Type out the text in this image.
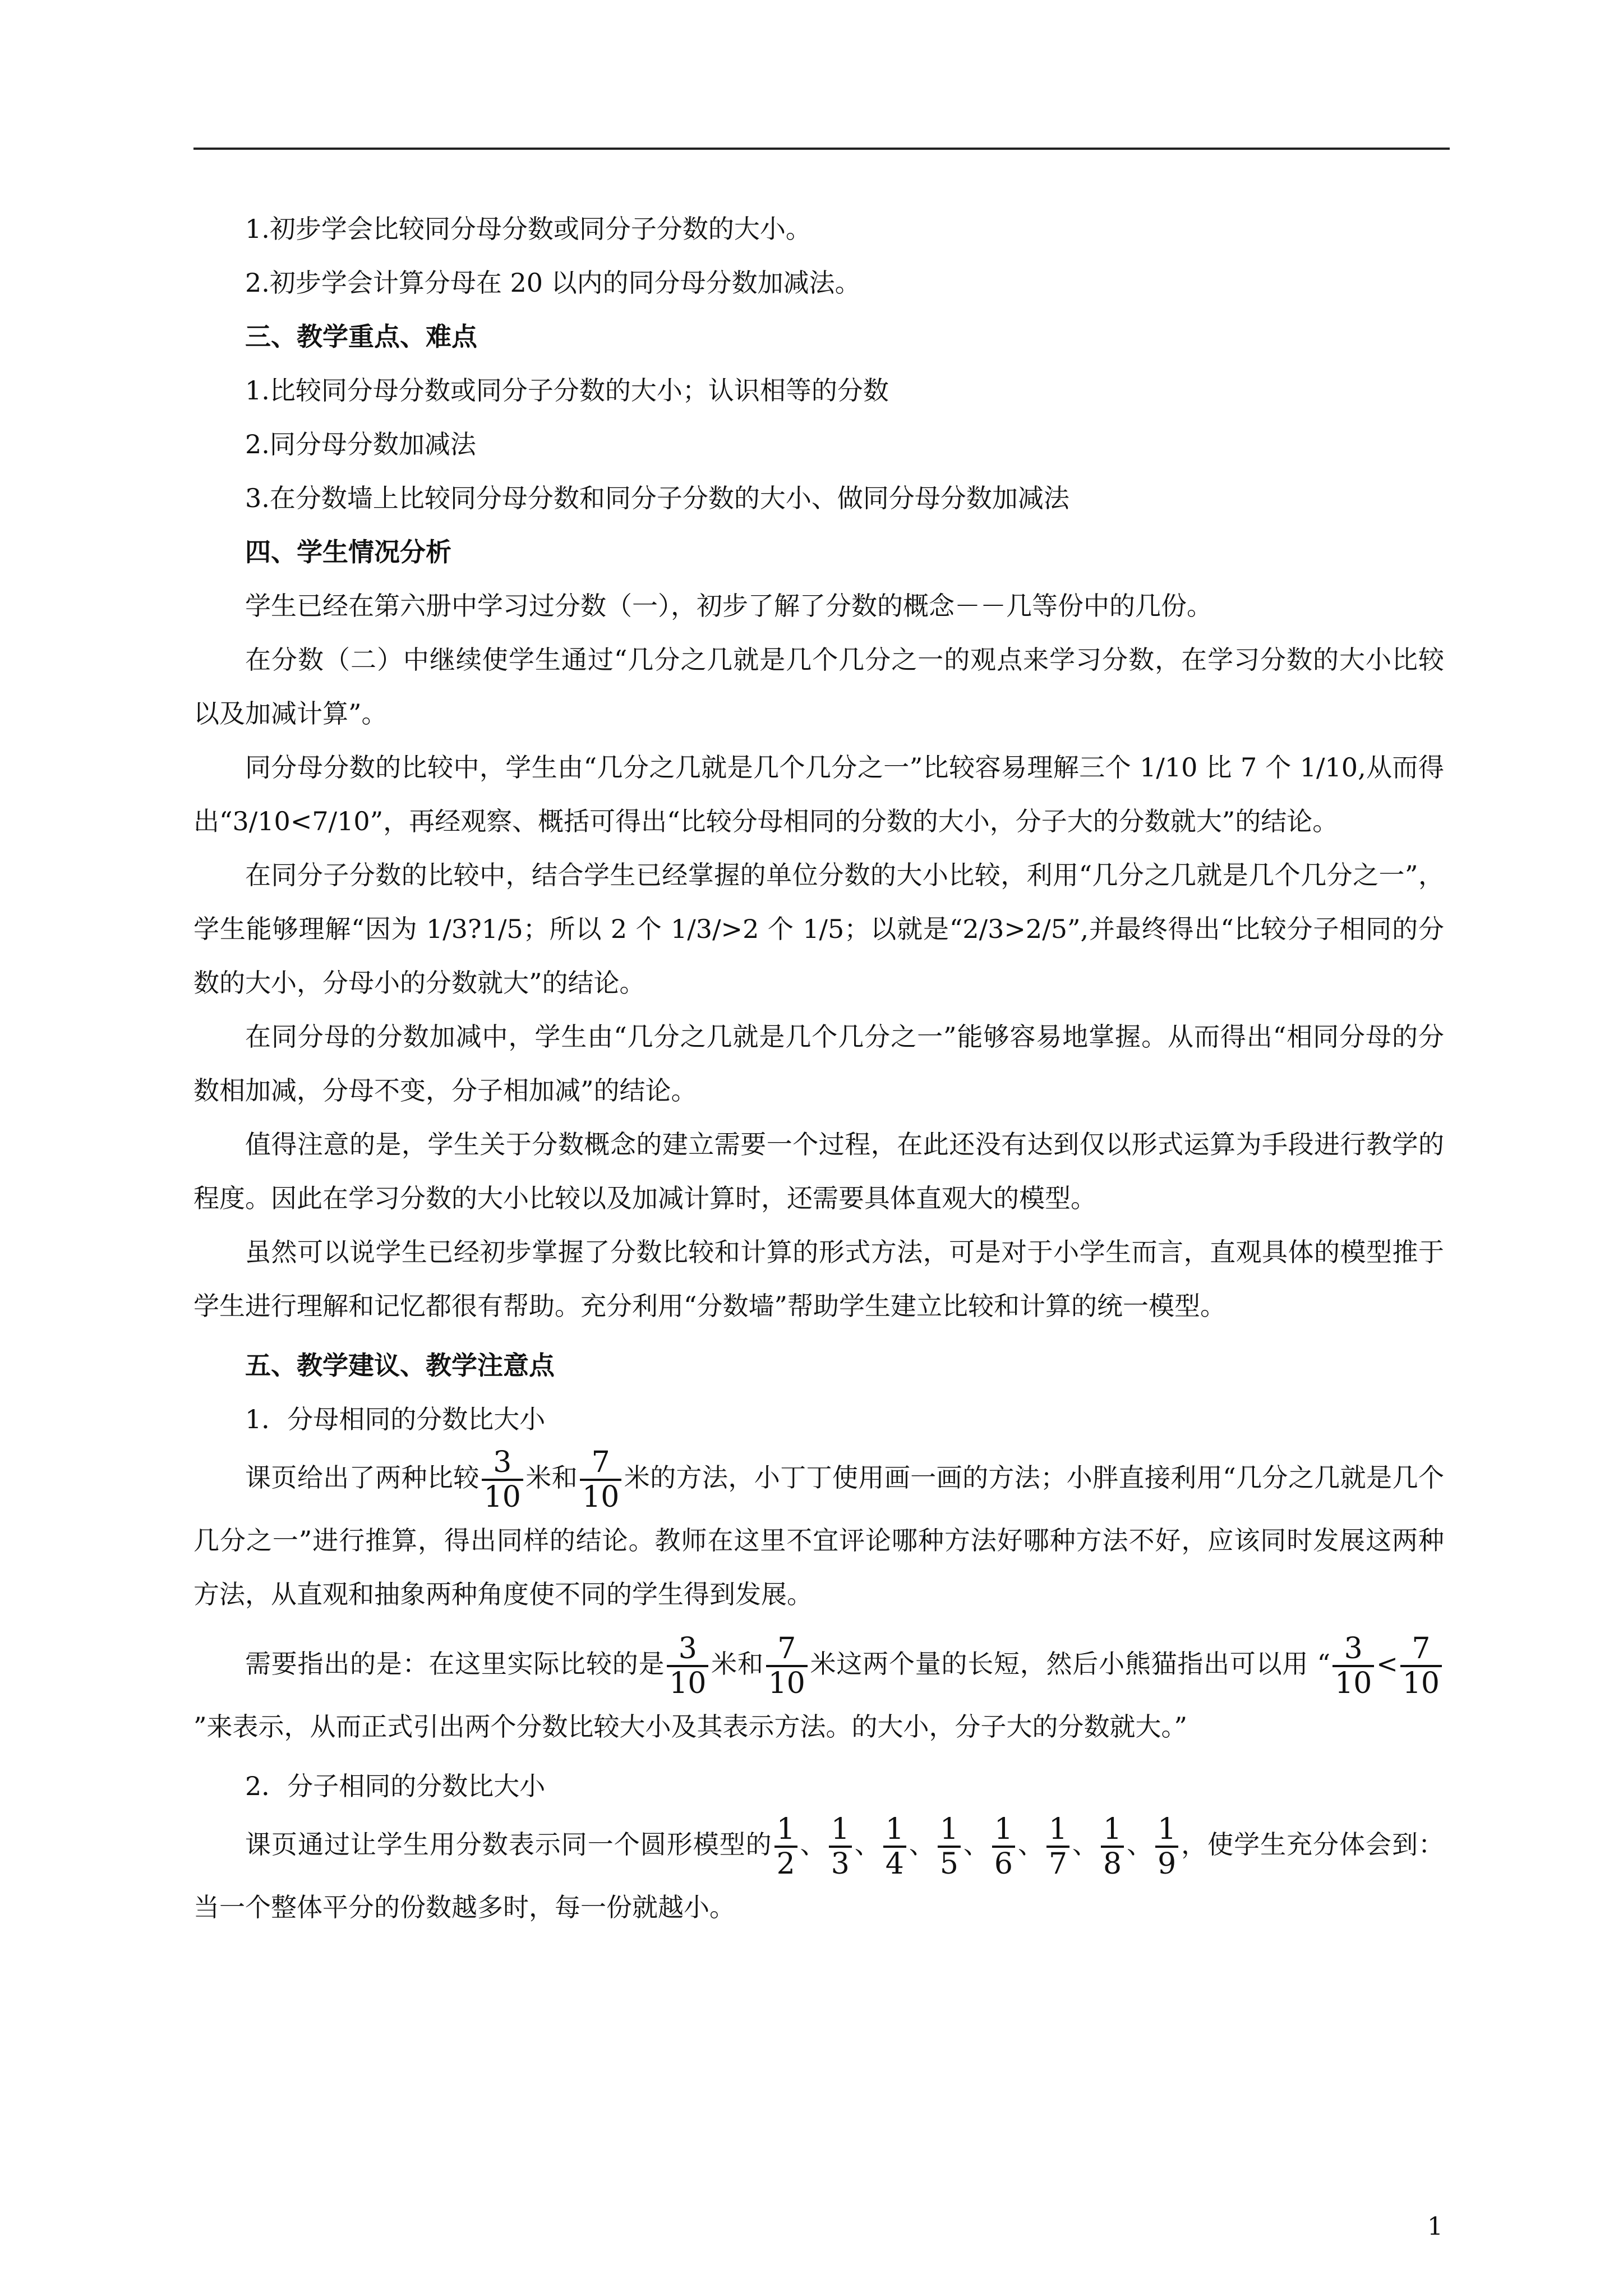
1.初步学会比较同分母分数或同分子分数的大小。

2.初步学会计算分母在 20 以内的同分母分数加减法。

三、教学重点、难点

1.比较同分母分数或同分子分数的大小；认识相等的分数

2.同分母分数加减法

3.在分数墙上比较同分母分数和同分子分数的大小、做同分母分数加减法

四、学生情况分析

学生已经在第六册中学习过分数（一），初步了解了分数的概念－－几等份中的几份。

在分数（二）中继续使学生通过“几分之几就是几个几分之一的观点来学习分数，在学习分数的大小比较以及加减计算”。

同分母分数的比较中，学生由“几分之几就是几个几分之一”比较容易理解三个 1/10 比 7 个 1/10,从而得出“3/10<7/10”，再经观察、概括可得出“比较分母相同的分数的大小，分子大的分数就大”的结论。

在同分子分数的比较中，结合学生已经掌握的单位分数的大小比较，利用“几分之几就是几个几分之一”，学生能够理解“因为 1/3?1/5；所以 2 个 1/3/>2 个 1/5；以就是“2/3>2/5”,并最终得出“比较分子相同的分数的大小，分母小的分数就大”的结论。

在同分母的分数加减中，学生由“几分之几就是几个几分之一”能够容易地掌握。从而得出“相同分母的分数相加减，分母不变，分子相加减”的结论。

值得注意的是，学生关于分数概念的建立需要一个过程，在此还没有达到仅以形式运算为手段进行教学的程度。因此在学习分数的大小比较以及加减计算时，还需要具体直观大的模型。

虽然可以说学生已经初步掌握了分数比较和计算的形式方法，可是对于小学生而言，直观具体的模型推于学生进行理解和记忆都很有帮助。充分利用“分数墙”帮助学生建立比较和计算的统一模型。

五、教学建议、教学注意点

1．分母相同的分数比大小

课页给出了两种比较 $\frac{3}{10}$ 米和 $\frac{7}{10}$ 米的方法，小丁丁使用画一画的方法；小胖直接利用“几分之几就是几个几分之一”进行推算，得出同样的结论。教师在这里不宜评论哪种方法好哪种方法不好，应该同时发展这两种方法，从直观和抽象两种角度使不同的学生得到发展。

需要指出的是：在这里实际比较的是 $\frac{3}{10}$ 米和 $\frac{7}{10}$ 米这两个量的长短，然后小熊猫指出可以用 “ $\frac{3}{10} < \frac{7}{10}$
”来表示，从而正式引出两个分数比较大小及其表示方法。的大小，分子大的分数就大。”

2．分子相同的分数比大小

课页通过让学生用分数表示同一个圆形模型的 $\frac{1}{2}$ 、 $\frac{1}{3}$ 、 $\frac{1}{4}$ 、 $\frac{1}{5}$ 、 $\frac{1}{6}$ 、 $\frac{1}{7}$ 、 $\frac{1}{8}$ 、 $\frac{1}{9}$ ，使学生充分体会到：当一个整体平分的份数越多时，每一份就越小。

1
